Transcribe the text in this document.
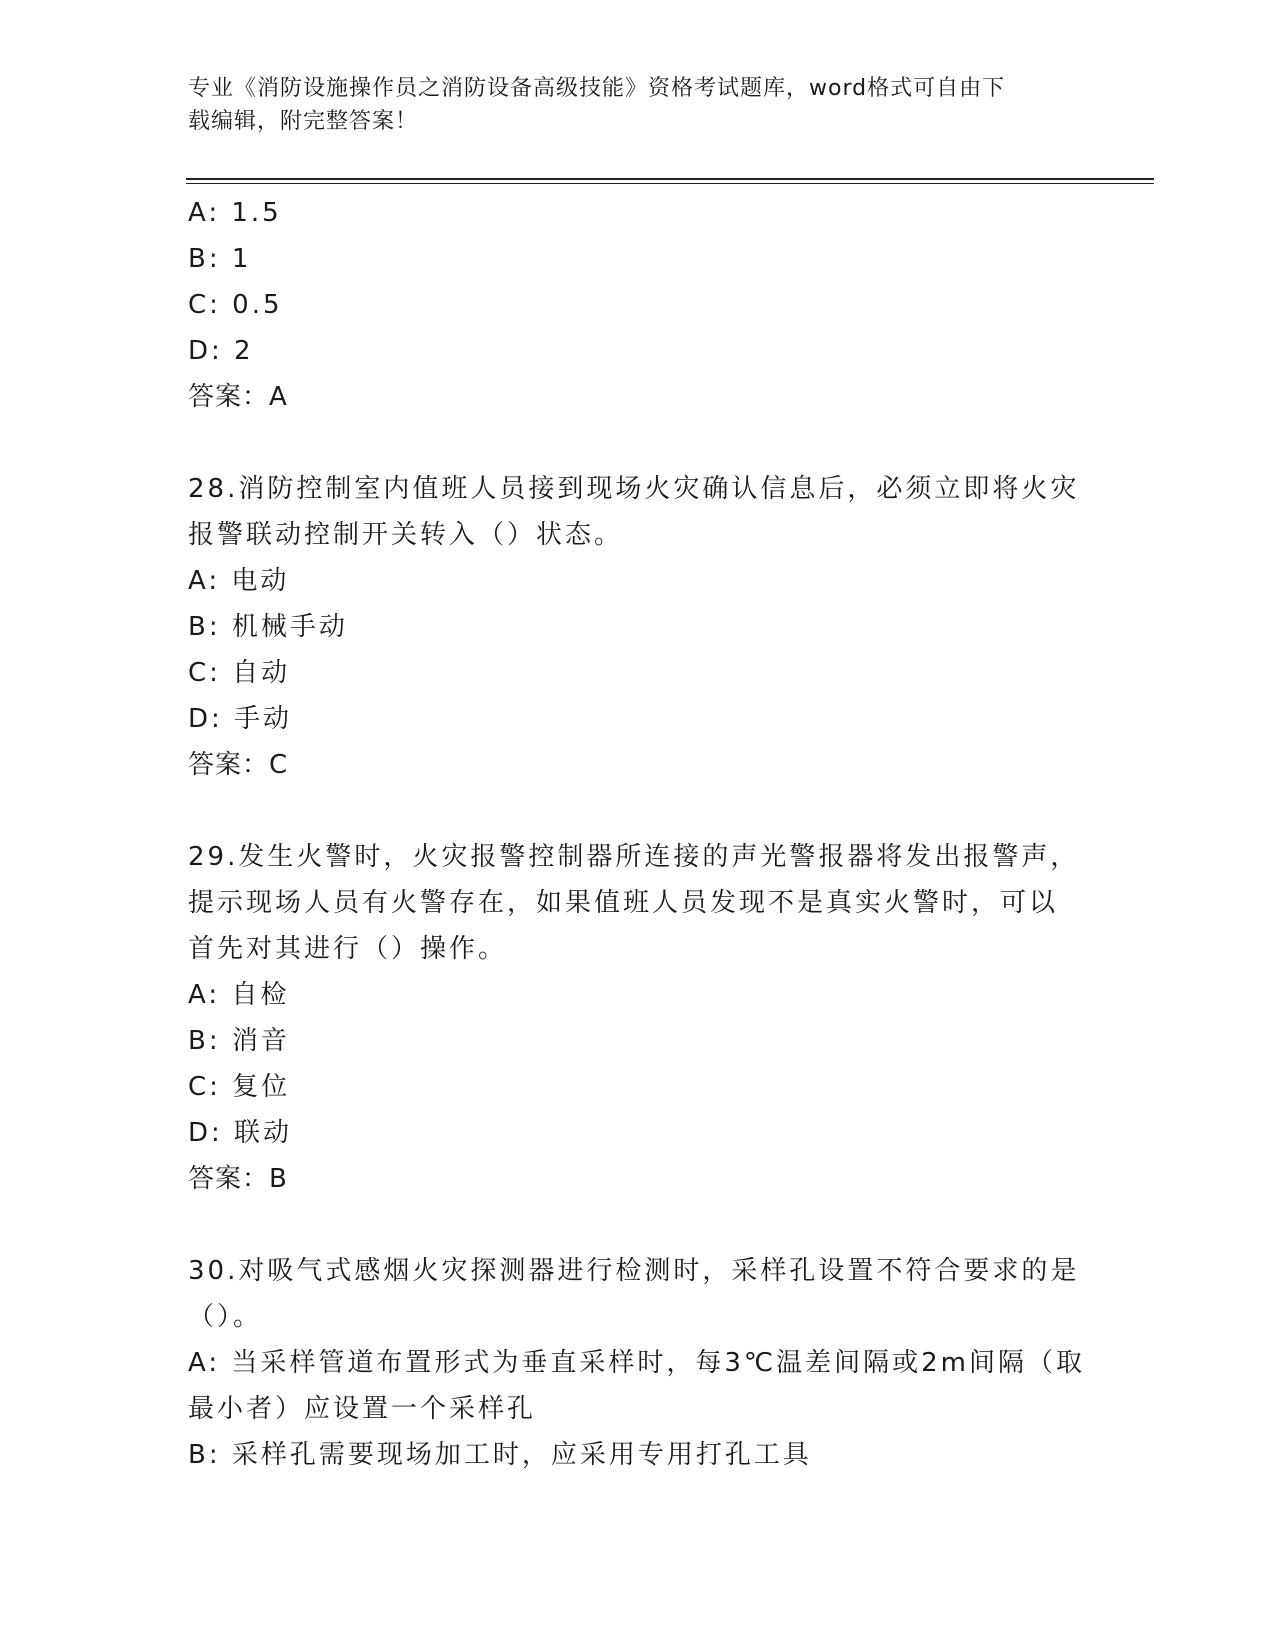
专业《消防设施操作员之消防设备高级技能》资格考试题库，word格式可自由下
载编辑，附完整答案！
A: 1.5
B: 1
C: 0.5
D: 2
答案：A
28.消防控制室内值班人员接到现场火灾确认信息后，必须立即将火灾
报警联动控制开关转入（）状态。
A: 电动
B: 机械手动
C: 自动
D: 手动
答案：C
29.发生火警时，火灾报警控制器所连接的声光警报器将发出报警声，
提示现场人员有火警存在，如果值班人员发现不是真实火警时，可以
首先对其进行（）操作。
A: 自检
B: 消音
C: 复位
D: 联动
答案：B
30.对吸气式感烟火灾探测器进行检测时，采样孔设置不符合要求的是
（）。
A: 当采样管道布置形式为垂直采样时，每3℃温差间隔或2m间隔（取
最小者）应设置一个采样孔
B: 采样孔需要现场加工时，应采用专用打孔工具
